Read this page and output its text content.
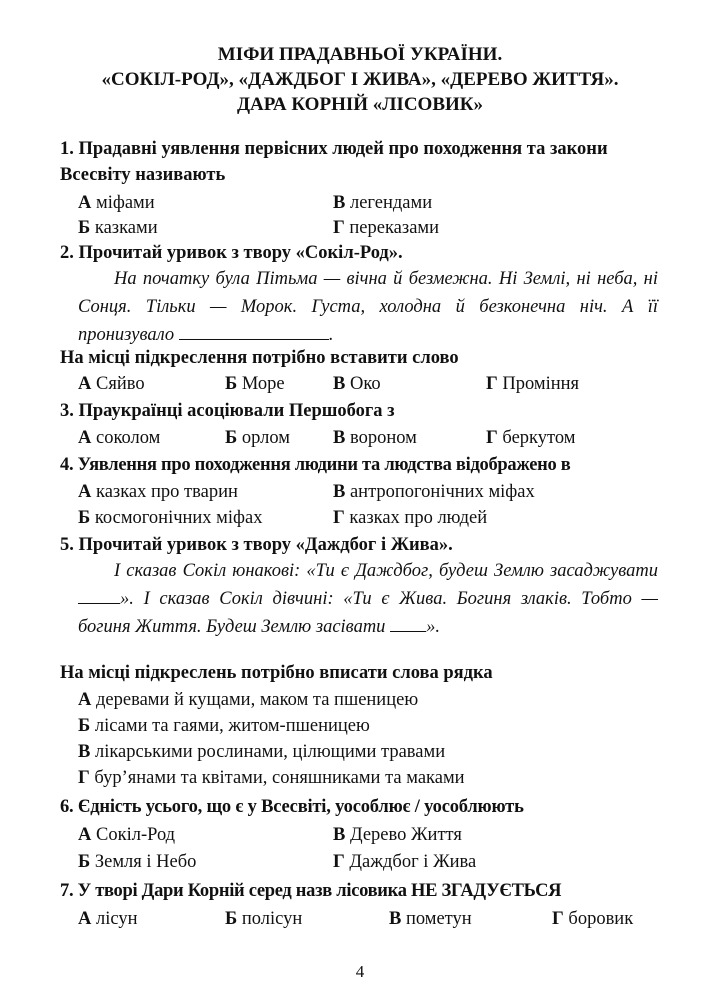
МІФИ ПРАДАВНЬОЇ УКРАЇНИ.
«СОКІЛ-РОД», «ДАЖДБОГ І ЖИВА», «ДЕРЕВО ЖИТТЯ».
ДАРА КОРНІЙ «ЛІСОВИК»
1. Прадавні уявлення первісних людей про походження та закони Всесвіту називають
А міфами	В легендами
Б казками	Г переказами
2. Прочитай уривок з твору «Сокіл-Род».
На початку була Пітьма — вічна й безмежна. Ні Землі, ні неба, ні Сонця. Тільки — Морок. Густа, холодна й безконечна ніч. А її пронизувало	.
На місці підкреслення потрібно вставити слово
А Сяйво	Б Море	В Око	Г Проміння
3. Праукраїнці асоціювали Першобога з
А соколом	Б орлом В вороном	Г беркутом
4. Уявлення про походження людини та людства відображено в
А казках про тварин	В антропогонічних міфах
Б космогонічних міфах	Г казках про людей
5. Прочитай уривок з твору «Даждбог і Жива».
І сказав Сокіл юнакові: «Ти є Даждбог, будеш Землю засаджувати ». І сказав Сокіл дівчині: «Ти є Жива. Богиня злаків. Тобто — богиня Життя. Будеш Землю засівати ».
На місці підкреслень потрібно вписати слова рядка
А деревами й кущами, маком та пшеницею
Б лісами та гаями, житом-пшеницею
В лікарськими рослинами, цілющими травами
Г бур’янами та квітами, соняшниками та маками
6. Єдність усього, що є у Всесвіті, уособлює / уособлюють
А Сокіл-Род	В Дерево Життя
Б Земля і Небо	Г Даждбог і Жива
7. У творі Дари Корній серед назв лісовика НЕ ЗГАДУЄТЬСЯ
А лісун	Б полісун	В пометун	Г боровик
4
